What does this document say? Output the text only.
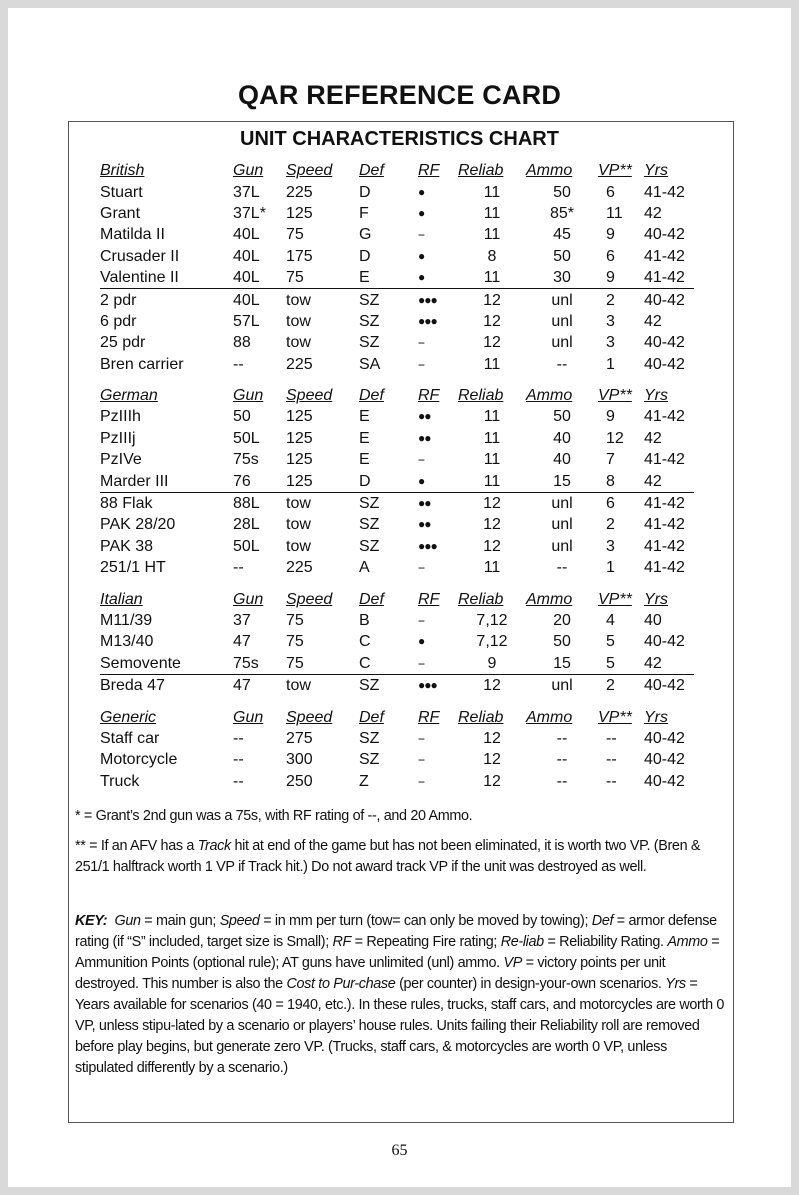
QAR REFERENCE CARD
UNIT CHARACTERISTICS CHART
British	Gun	Speed	Def	RF	Reliab	Ammo	VP**	Yrs
Stuart	37L	225	D	●	11	50	6	41-42
Grant	37L*	125	F	●	11	85*	11	42
Matilda II	40L	75	G	--	11	45	9	40-42
Crusader II	40L	175	D	●	8	50	6	41-42
Valentine II	40L	75	E	●	11	30	9	41-42
2 pdr	40L	tow	SZ	●●●	12	unl	2	40-42
6 pdr	57L	tow	SZ	●●●	12	unl	3	42
25 pdr	88	tow	SZ	--	12	unl	3	40-42
Bren carrier	--	225	SA	--	11	--	1	40-42

German	Gun	Speed	Def	RF	Reliab	Ammo	VP**	Yrs
PzIIIh	50	125	E	●●	11	50	9	41-42
PzIIIj	50L	125	E	●●	11	40	12	42
PzIVe	75s	125	E	--	11	40	7	41-42
Marder III	76	125	D	●	11	15	8	42
88 Flak	88L	tow	SZ	●●	12	unl	6	41-42
PAK 28/20	28L	tow	SZ	●●	12	unl	2	41-42
PAK 38	50L	tow	SZ	●●●	12	unl	3	41-42
251/1 HT	--	225	A	--	11	--	1	41-42

Italian	Gun	Speed	Def	RF	Reliab	Ammo	VP**	Yrs
M11/39	37	75	B	--	7,12	20	4	40
M13/40	47	75	C	●	7,12	50	5	40-42
Semovente	75s	75	C	--	9	15	5	42
Breda 47	47	tow	SZ	●●●	12	unl	2	40-42

Generic	Gun	Speed	Def	RF	Reliab	Ammo	VP**	Yrs
Staff car	--	275	SZ	--	12	--	--	40-42
Motorcycle	--	300	SZ	--	12	--	--	40-42
Truck	--	250	Z	--	12	--	--	40-42
* = Grant’s 2nd gun was a 75s, with RF rating of --, and 20 Ammo.
** = If an AFV has a Track hit at end of the game but has not been eliminated, it is worth two VP. (Bren & 251/1 halftrack worth 1 VP if Track hit.) Do not award track VP if the unit was destroyed as well.
KEY: Gun = main gun; Speed = in mm per turn (tow= can only be moved by towing); Def = armor defense rating (if “S” included, target size is Small); RF = Repeating Fire rating; Re-liab = Reliability Rating. Ammo = Ammunition Points (optional rule); AT guns have unlimited (unl) ammo. VP = victory points per unit destroyed. This number is also the Cost to Pur-chase (per counter) in design-your-own scenarios. Yrs = Years available for scenarios (40 = 1940, etc.). In these rules, trucks, staff cars, and motorcycles are worth 0 VP, unless stipu-lated by a scenario or players’ house rules. Units failing their Reliability roll are removed before play begins, but generate zero VP. (Trucks, staff cars, & motorcycles are worth 0 VP, unless stipulated differently by a scenario.)
65
